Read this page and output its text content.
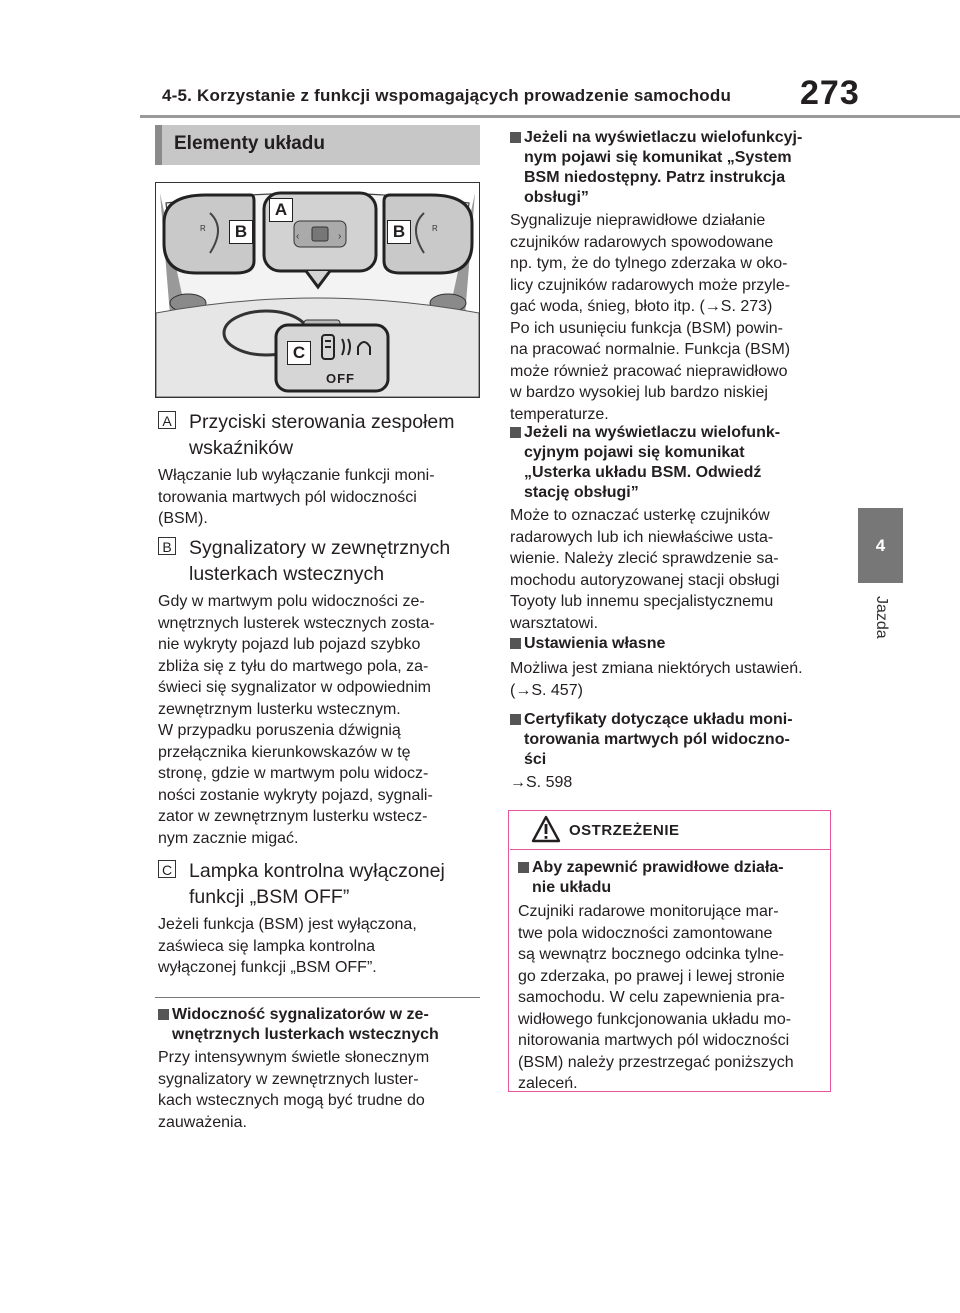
4-5. Korzystanie z funkcji wspomagających prowadzenie samochodu 273
4
Jazda
Elementy układu
R
‹	›
R
A
B	B
C
OFF
A Przyciski sterowania zespołem wskaźników
Włączanie lub wyłączanie funkcji moni-
torowania martwych pól widoczności
(BSM).
B Sygnalizatory w zewnętrznych lusterkach wstecznych
Gdy w martwym polu widoczności ze-
wnętrznych lusterek wstecznych zosta-
nie wykryty pojazd lub pojazd szybko
zbliża się z tyłu do martwego pola, za-
świeci się sygnalizator w odpowiednim
zewnętrznym lusterku wstecznym.
W przypadku poruszenia dźwignią
przełącznika kierunkowskazów w tę
stronę, gdzie w martwym polu widocz-
ności zostanie wykryty pojazd, sygnali-
zator w zewnętrznym lusterku wstecz-
nym zacznie migać.
C Lampka kontrolna wyłączonej funkcji „BSM OFF”
Jeżeli funkcja (BSM) jest wyłączona,
zaświeca się lampka kontrolna
wyłączonej funkcji „BSM OFF”.
Widoczność sygnalizatorów w ze-
wnętrznych lusterkach wstecznych
Przy intensywnym świetle słonecznym
sygnalizatory w zewnętrznych luster-
kach wstecznych mogą być trudne do
zauważenia.
Jeżeli na wyświetlaczu wielofunkcyj-
nym pojawi się komunikat „System
BSM niedostępny. Patrz instrukcja
obsługi”
Sygnalizuje nieprawidłowe działanie
czujników radarowych spowodowane
np. tym, że do tylnego zderzaka w oko-
licy czujników radarowych może przyle-
gać woda, śnieg, błoto itp. (→S. 273)
Po ich usunięciu funkcja (BSM) powin-
na pracować normalnie. Funkcja (BSM)
może również pracować nieprawidłowo
w bardzo wysokiej lub bardzo niskiej
temperaturze.
Jeżeli na wyświetlaczu wielofunk-
cyjnym pojawi się komunikat
„Usterka układu BSM. Odwiedź
stację obsługi”
Może to oznaczać usterkę czujników
radarowych lub ich niewłaściwe usta-
wienie. Należy zlecić sprawdzenie sa-
mochodu autoryzowanej stacji obsługi
Toyoty lub innemu specjalistycznemu
warsztatowi.
Ustawienia własne
Możliwa jest zmiana niektórych ustawień.
(→S. 457)
Certyfikaty dotyczące układu moni-
torowania martwych pól widoczno-
ści
→S. 598
OSTRZEŻENIE
Aby zapewnić prawidłowe działa-
nie układu
Czujniki radarowe monitorujące mar-
twe pola widoczności zamontowane
są wewnątrz bocznego odcinka tylne-
go zderzaka, po prawej i lewej stronie
samochodu. W celu zapewnienia pra-
widłowego funkcjonowania układu mo-
nitorowania martwych pól widoczności
(BSM) należy przestrzegać poniższych
zaleceń.
